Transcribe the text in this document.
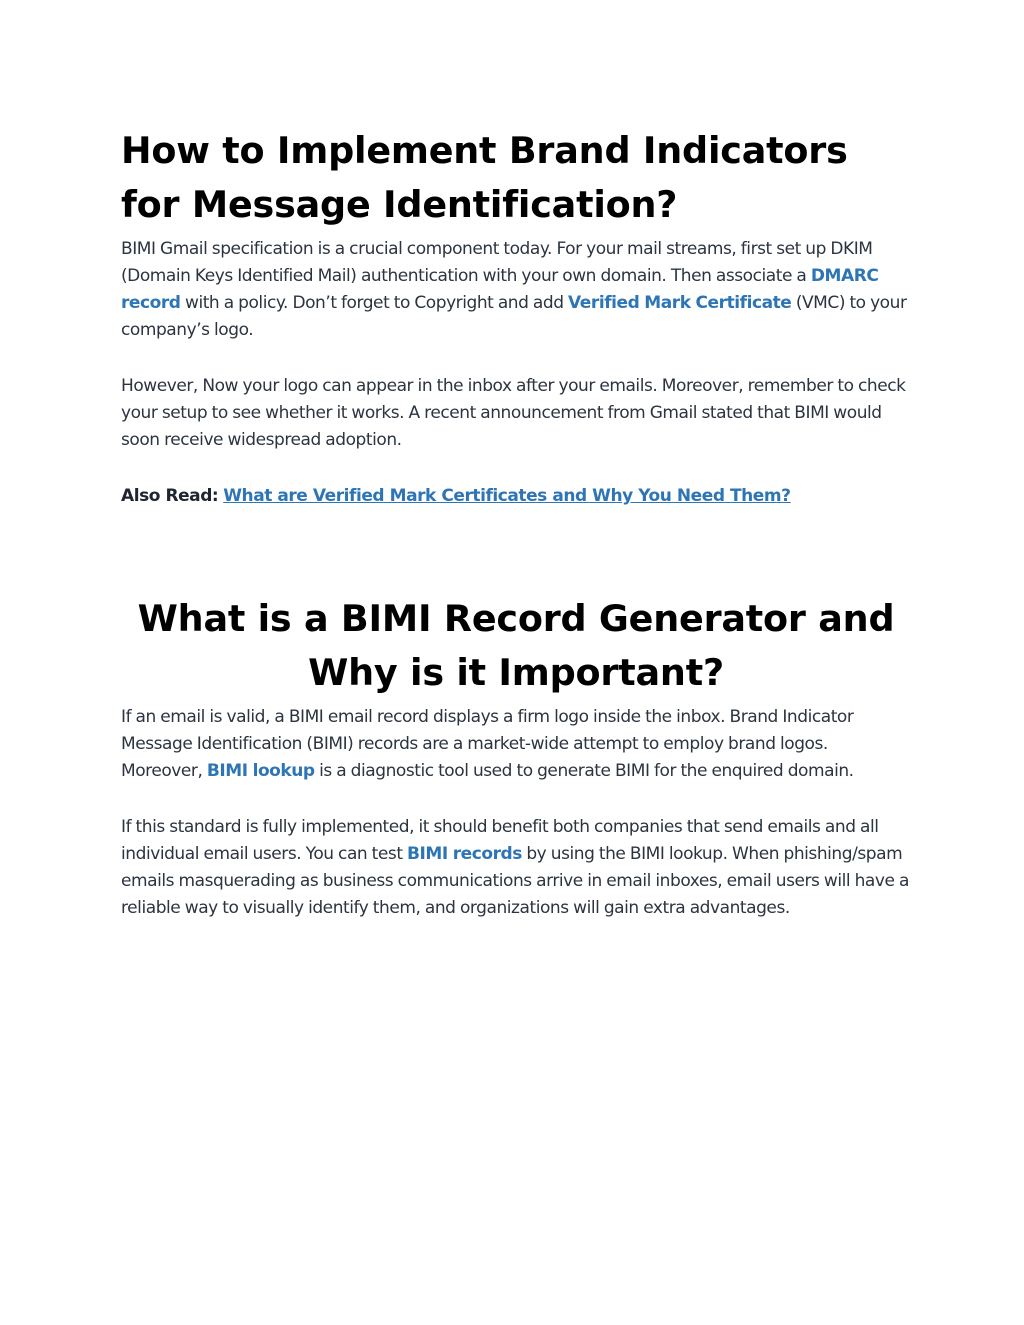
How to Implement Brand Indicators for Message Identification?

BIMI Gmail specification is a crucial component today. For your mail streams, first set up DKIM (Domain Keys Identified Mail) authentication with your own domain. Then associate a DMARC record with a policy. Don’t forget to Copyright and add Verified Mark Certificate (VMC) to your company’s logo.

However, Now your logo can appear in the inbox after your emails. Moreover, remember to check your setup to see whether it works. A recent announcement from Gmail stated that BIMI would soon receive widespread adoption.

Also Read: What are Verified Mark Certificates and Why You Need Them?

What is a BIMI Record Generator and Why is it Important?

If an email is valid, a BIMI email record displays a firm logo inside the inbox. Brand Indicator Message Identification (BIMI) records are a market-wide attempt to employ brand logos. Moreover, BIMI lookup is a diagnostic tool used to generate BIMI for the enquired domain.

If this standard is fully implemented, it should benefit both companies that send emails and all individual email users. You can test BIMI records by using the BIMI lookup. When phishing/spam emails masquerading as business communications arrive in email inboxes, email users will have a reliable way to visually identify them, and organizations will gain extra advantages.
